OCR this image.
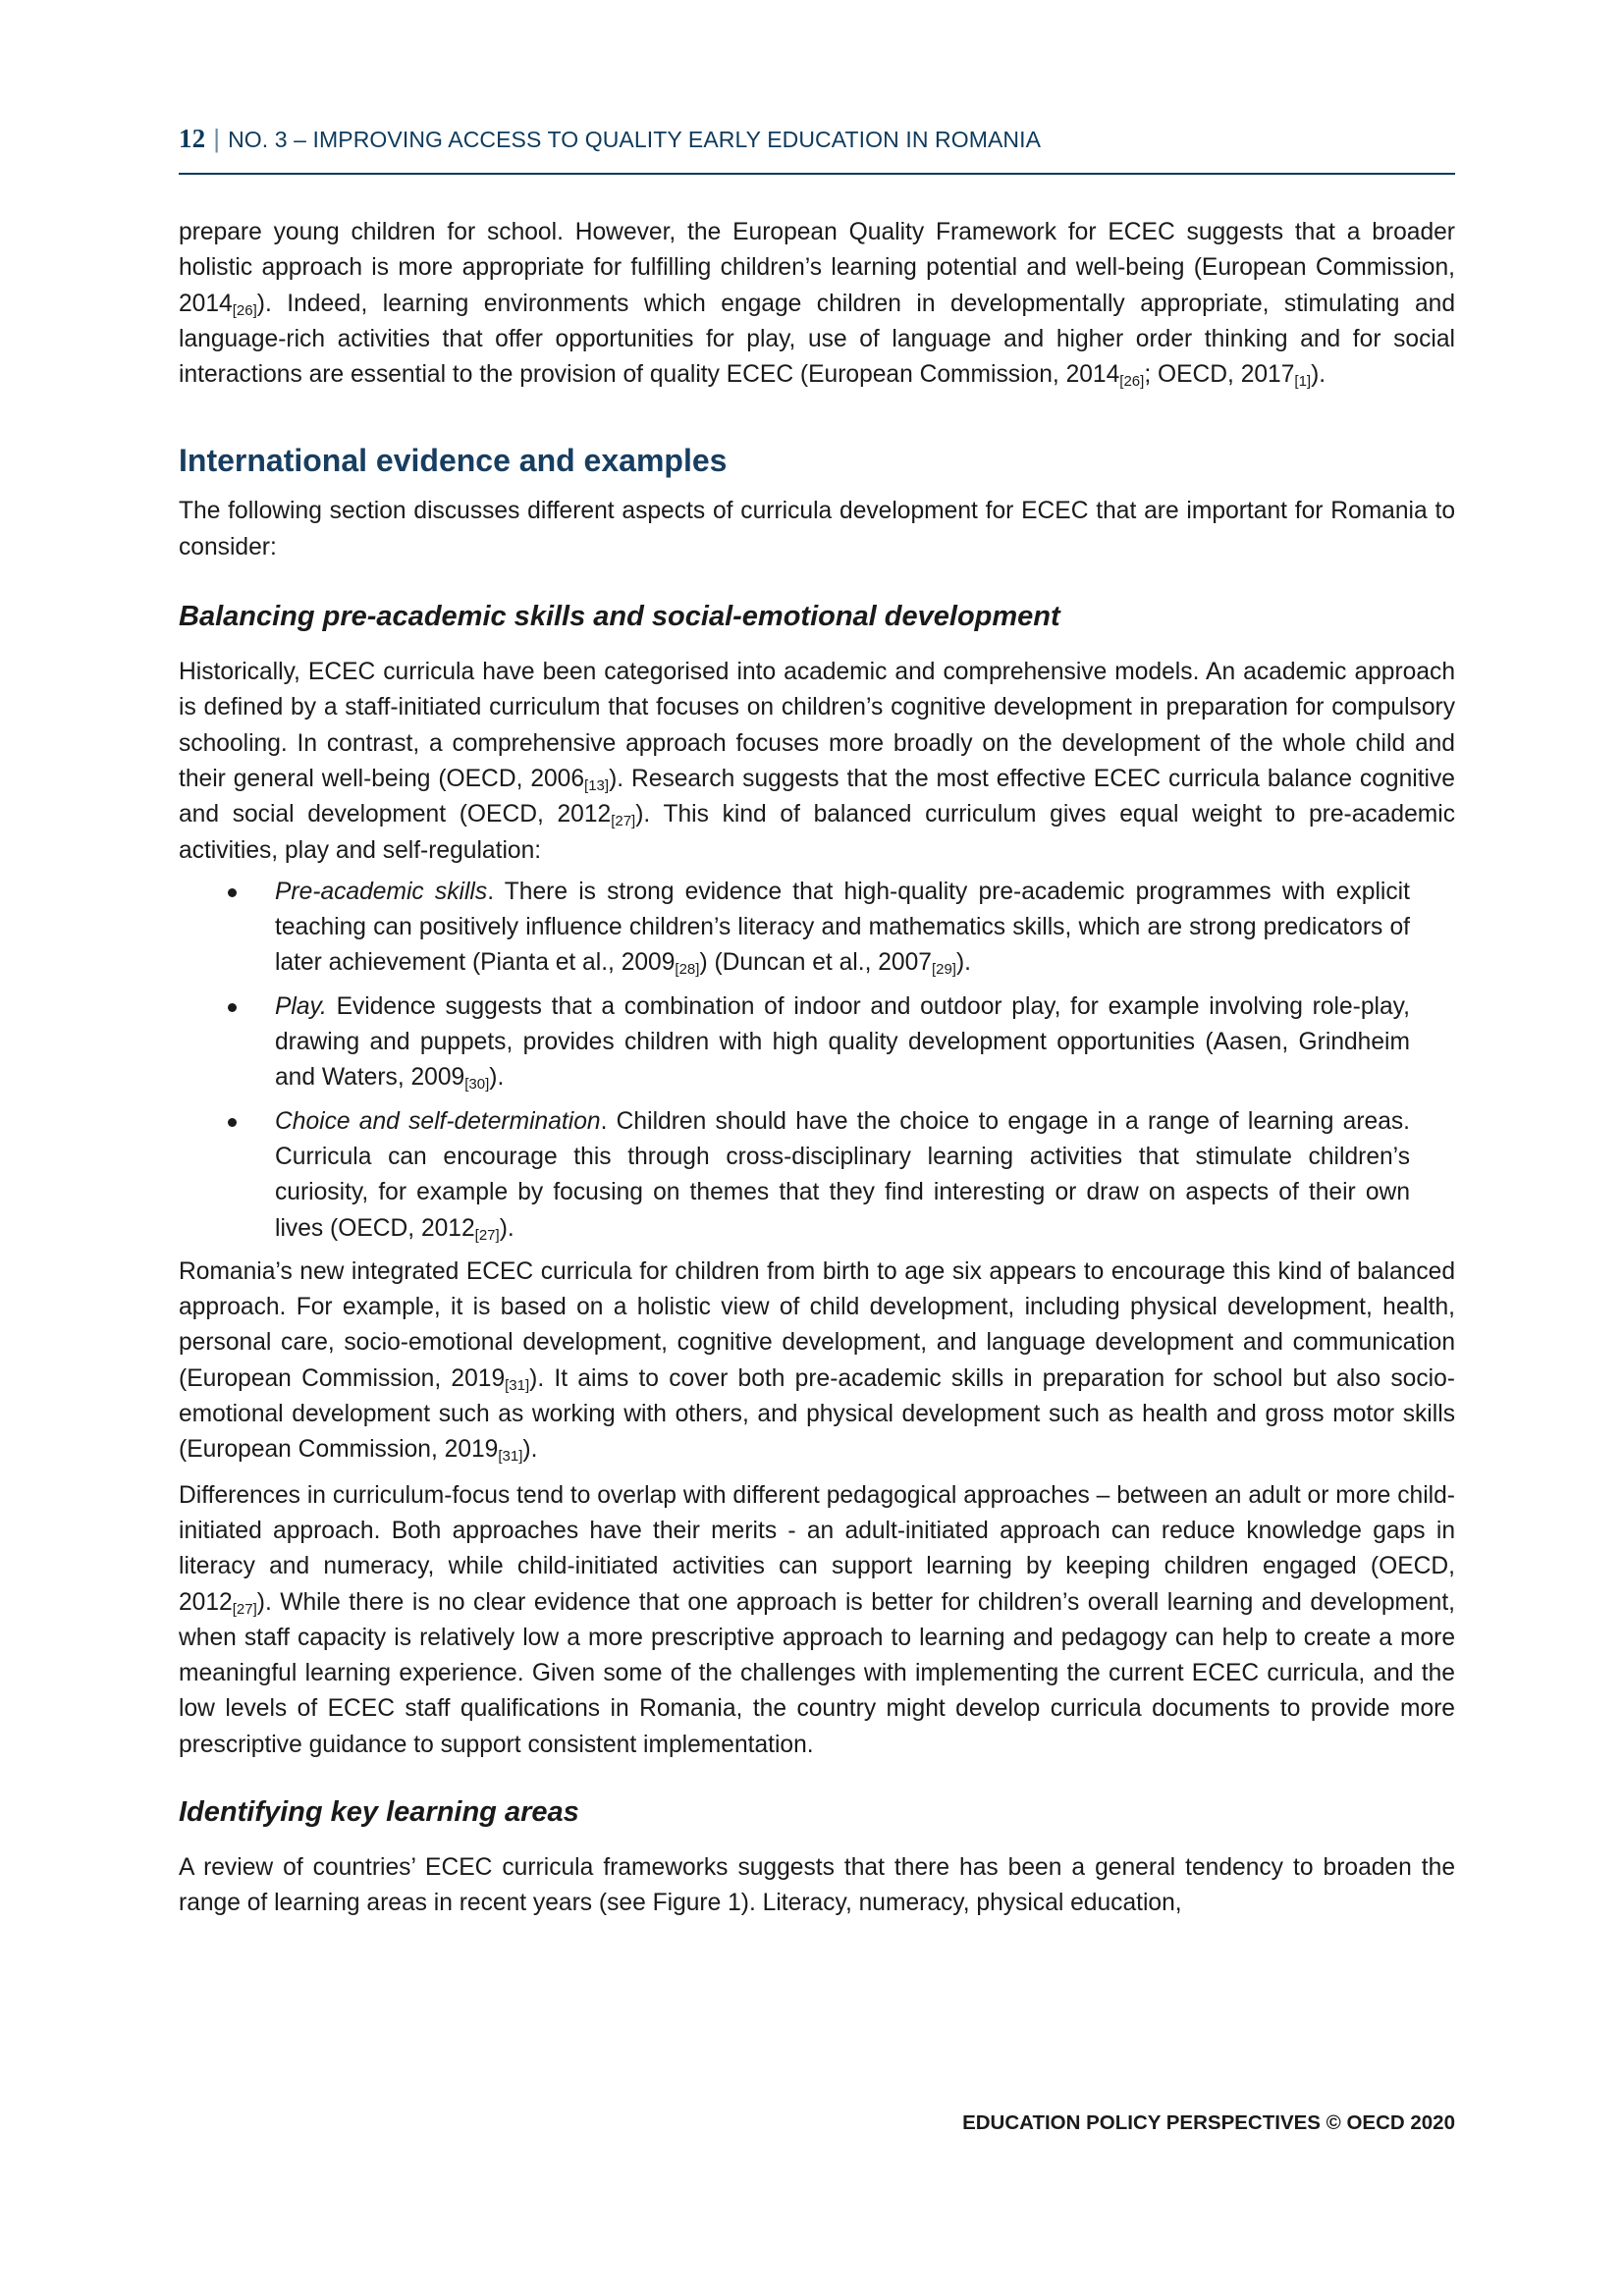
12 | NO. 3 – IMPROVING ACCESS TO QUALITY EARLY EDUCATION IN ROMANIA

prepare young children for school. However, the European Quality Framework for ECEC suggests that a broader holistic approach is more appropriate for fulfilling children’s learning potential and well-being (European Commission, $2014_{[26]}$). Indeed, learning environments which engage children in developmentally appropriate, stimulating and language-rich activities that offer opportunities for play, use of language and higher order thinking and for social interactions are essential to the provision of quality ECEC (European Commission, $2014_{[26]}$; OECD, $2017_{[1]}$).

International evidence and examples

The following section discusses different aspects of curricula development for ECEC that are important for Romania to consider:

Balancing pre-academic skills and social-emotional development

Historically, ECEC curricula have been categorised into academic and comprehensive models. An academic approach is defined by a staff-initiated curriculum that focuses on children’s cognitive development in preparation for compulsory schooling. In contrast, a comprehensive approach focuses more broadly on the development of the whole child and their general well-being (OECD, $2006_{[13]}$). Research suggests that the most effective ECEC curricula balance cognitive and social development (OECD, $2012_{[27]}$). This kind of balanced curriculum gives equal weight to pre-academic activities, play and self-regulation:

Pre-academic skills. There is strong evidence that high-quality pre-academic programmes with explicit teaching can positively influence children’s literacy and mathematics skills, which are strong predicators of later achievement (Pianta et al., $2009_{[28]}$) (Duncan et al., $2007_{[29]}$).

Play. Evidence suggests that a combination of indoor and outdoor play, for example involving role-play, drawing and puppets, provides children with high quality development opportunities (Aasen, Grindheim and Waters, $2009_{[30]}$).

Choice and self-determination. Children should have the choice to engage in a range of learning areas. Curricula can encourage this through cross-disciplinary learning activities that stimulate children’s curiosity, for example by focusing on themes that they find interesting or draw on aspects of their own lives (OECD, $2012_{[27]}$).

Romania’s new integrated ECEC curricula for children from birth to age six appears to encourage this kind of balanced approach. For example, it is based on a holistic view of child development, including physical development, health, personal care, socio-emotional development, cognitive development, and language development and communication (European Commission, $2019_{[31]}$). It aims to cover both pre-academic skills in preparation for school but also socio-emotional development such as working with others, and physical development such as health and gross motor skills (European Commission, $2019_{[31]}$).

Differences in curriculum-focus tend to overlap with different pedagogical approaches – between an adult or more child-initiated approach. Both approaches have their merits - an adult-initiated approach can reduce knowledge gaps in literacy and numeracy, while child-initiated activities can support learning by keeping children engaged (OECD, $2012_{[27]}$). While there is no clear evidence that one approach is better for children’s overall learning and development, when staff capacity is relatively low a more prescriptive approach to learning and pedagogy can help to create a more meaningful learning experience. Given some of the challenges with implementing the current ECEC curricula, and the low levels of ECEC staff qualifications in Romania, the country might develop curricula documents to provide more prescriptive guidance to support consistent implementation.

Identifying key learning areas

A review of countries’ ECEC curricula frameworks suggests that there has been a general tendency to broaden the range of learning areas in recent years (see Figure 1). Literacy, numeracy, physical education,

EDUCATION POLICY PERSPECTIVES © OECD 2020
